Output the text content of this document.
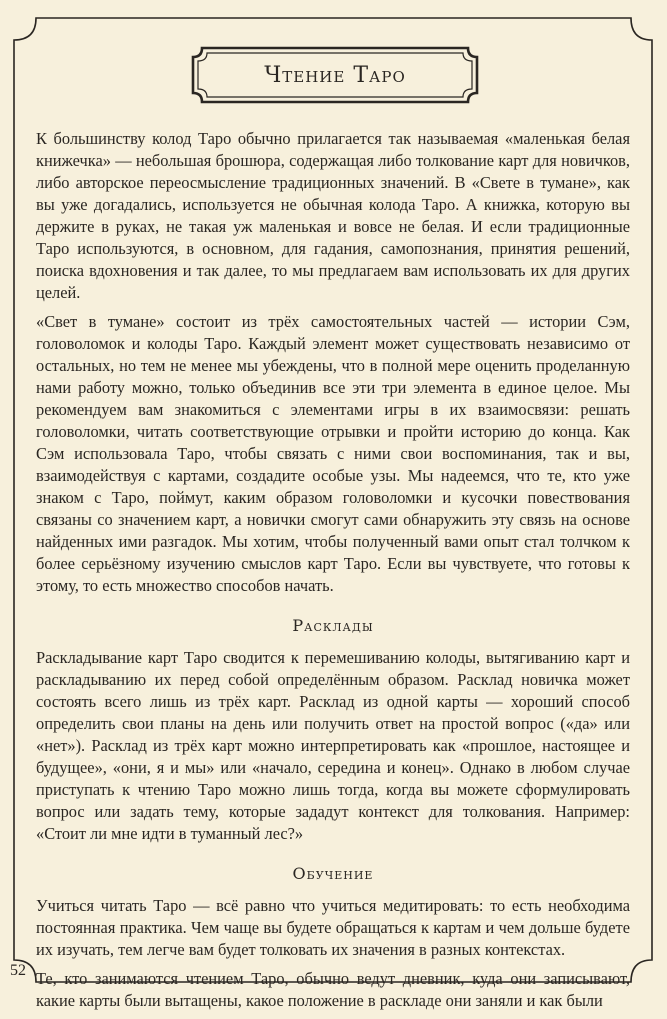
Чтение Таро

К большинству колод Таро обычно прилагается так называемая «маленькая белая книжечка» — небольшая брошюра, содержащая либо толкование карт для новичков, либо авторское переосмысление традиционных значений. В «Свете в тумане», как вы уже догадались, используется не обычная колода Таро. А книжка, которую вы держите в руках, не такая уж маленькая и вовсе не белая. И если традиционные Таро используются, в основном, для гадания, самопознания, принятия решений, поиска вдохновения и так далее, то мы предлагаем вам использовать их для других целей.

«Свет в тумане» состоит из трёх самостоятельных частей — истории Сэм, головоломок и колоды Таро. Каждый элемент может существовать независимо от остальных, но тем не менее мы убеждены, что в полной мере оценить проделанную нами работу можно, только объединив все эти три элемента в единое целое. Мы рекомендуем вам знакомиться с элементами игры в их взаимосвязи: решать головоломки, читать соответствующие отрывки и пройти историю до конца. Как Сэм использовала Таро, чтобы связать с ними свои воспоминания, так и вы, взаимодействуя с картами, создадите особые узы. Мы надеемся, что те, кто уже знаком с Таро, поймут, каким образом головоломки и кусочки повествования связаны со значением карт, а новички смогут сами обнаружить эту связь на основе найденных ими разгадок. Мы хотим, чтобы полученный вами опыт стал толчком к более серьёзному изучению смыслов карт Таро. Если вы чувствуете, что готовы к этому, то есть множество способов начать.

Расклады

Раскладывание карт Таро сводится к перемешиванию колоды, вытягиванию карт и раскладыванию их перед собой определённым образом. Расклад новичка может состоять всего лишь из трёх карт. Расклад из одной карты — хороший способ определить свои планы на день или получить ответ на простой вопрос («да» или «нет»). Расклад из трёх карт можно интерпретировать как «прошлое, настоящее и будущее», «они, я и мы» или «начало, середина и конец». Однако в любом случае приступать к чтению Таро можно лишь тогда, когда вы можете сформулировать вопрос или задать тему, которые зададут контекст для толкования. Например: «Стоит ли мне идти в туманный лес?»

Обучение

Учиться читать Таро — всё равно что учиться медитировать: то есть необходима постоянная практика. Чем чаще вы будете обращаться к картам и чем дольше будете их изучать, тем легче вам будет толковать их значения в разных контекстах.

Те, кто занимаются чтением Таро, обычно ведут дневник, куда они записывают, какие карты были вытащены, какое положение в раскладе они заняли и как были

52
